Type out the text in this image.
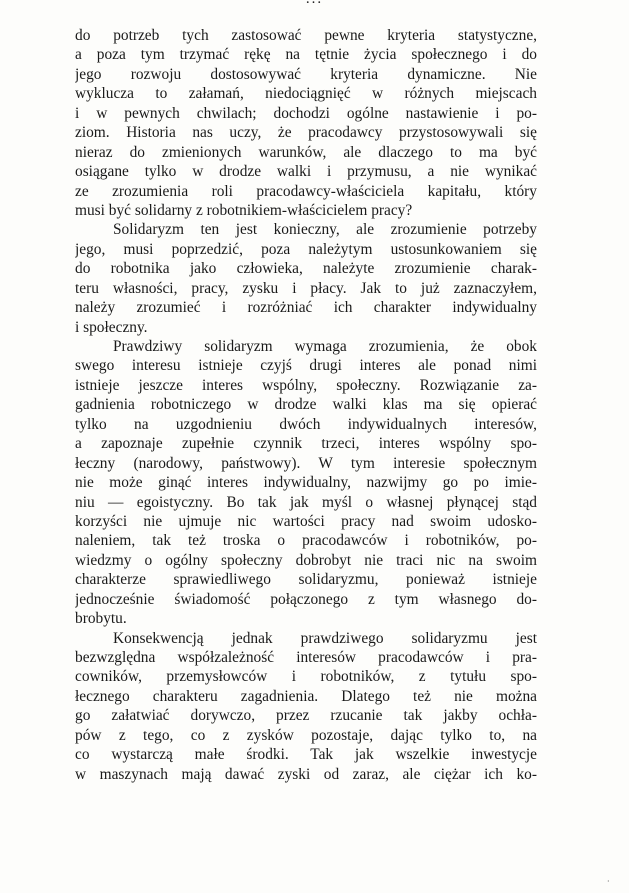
do potrzeb tych zastosować pewne kryteria statystyczne,
a poza tym trzymać rękę na tętnie życia społecznego i do
jego rozwoju dostosowywać kryteria dynamiczne. Nie
wyklucza to załamań, niedociągnięć w różnych miejscach
i w pewnych chwilach; dochodzi ogólne nastawienie i po-
ziom. Historia nas uczy, że pracodawcy przystosowywali się
nieraz do zmienionych warunków, ale dlaczego to ma być
osiągane tylko w drodze walki i przymusu, a nie wynikać
ze zrozumienia roli pracodawcy-właściciela kapitału, który
musi być solidarny z robotnikiem-właścicielem pracy?
Solidaryzm ten jest konieczny, ale zrozumienie potrzeby
jego, musi poprzedzić, poza należytym ustosunkowaniem się
do robotnika jako człowieka, należyte zrozumienie charak-
teru własności, pracy, zysku i płacy. Jak to już zaznaczyłem,
należy zrozumieć i rozróżniać ich charakter indywidualny
i społeczny.
Prawdziwy solidaryzm wymaga zrozumienia, że obok
swego interesu istnieje czyjś drugi interes ale ponad nimi
istnieje jeszcze interes wspólny, społeczny. Rozwiązanie za-
gadnienia robotniczego w drodze walki klas ma się opierać
tylko na uzgodnieniu dwóch indywidualnych interesów,
a zapoznaje zupełnie czynnik trzeci, interes wspólny spo-
łeczny (narodowy, państwowy). W tym interesie społecznym
nie może ginąć interes indywidualny, nazwijmy go po imie-
niu — egoistyczny. Bo tak jak myśl o własnej płynącej stąd
korzyści nie ujmuje nic wartości pracy nad swoim udosko-
naleniem, tak też troska o pracodawców i robotników, po-
wiedzmy o ogólny społeczny dobrobyt nie traci nic na swoim
charakterze sprawiedliwego solidaryzmu, ponieważ istnieje
jednocześnie świadomość połączonego z tym własnego do-
brobytu.
Konsekwencją jednak prawdziwego solidaryzmu jest
bezwzględna współzależność interesów pracodawców i pra-
cowników, przemysłowców i robotników, z tytułu spo-
łecznego charakteru zagadnienia. Dlatego też nie można
go załatwiać dorywczo, przez rzucanie tak jakby ochła-
pów z tego, co z zysków pozostaje, dając tylko to, na
co wystarczą małe środki. Tak jak wszelkie inwestycje
w maszynach mają dawać zyski od zaraz, ale ciężar ich ko-
·
